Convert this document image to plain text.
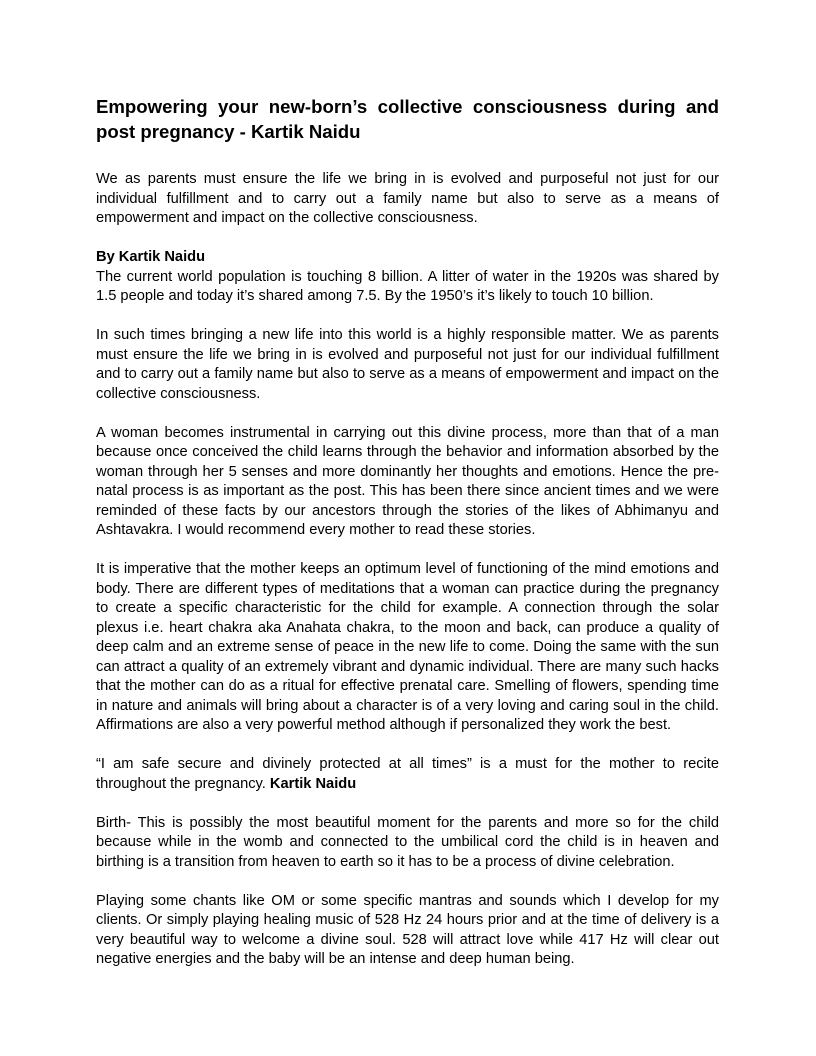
Empowering your new-born’s collective consciousness during and post pregnancy - Kartik Naidu

We as parents must ensure the life we bring in is evolved and purposeful not just for our individual fulfillment and to carry out a family name but also to serve as a means of empowerment and impact on the collective consciousness.

By Kartik Naidu
The current world population is touching 8 billion. A litter of water in the 1920s was shared by 1.5 people and today it’s shared among 7.5. By the 1950’s it’s likely to touch 10 billion.

In such times bringing a new life into this world is a highly responsible matter. We as parents must ensure the life we bring in is evolved and purposeful not just for our individual fulfillment and to carry out a family name but also to serve as a means of empowerment and impact on the collective consciousness.

A woman becomes instrumental in carrying out this divine process, more than that of a man because once conceived the child learns through the behavior and information absorbed by the woman through her 5 senses and more dominantly her thoughts and emotions. Hence the pre-natal process is as important as the post. This has been there since ancient times and we were reminded of these facts by our ancestors through the stories of the likes of Abhimanyu and Ashtavakra. I would recommend every mother to read these stories.

It is imperative that the mother keeps an optimum level of functioning of the mind emotions and body. There are different types of meditations that a woman can practice during the pregnancy to create a specific characteristic for the child for example. A connection through the solar plexus i.e. heart chakra aka Anahata chakra, to the moon and back, can produce a quality of deep calm and an extreme sense of peace in the new life to come. Doing the same with the sun can attract a quality of an extremely vibrant and dynamic individual. There are many such hacks that the mother can do as a ritual for effective prenatal care. Smelling of flowers, spending time in nature and animals will bring about a character is of a very loving and caring soul in the child. Affirmations are also a very powerful method although if personalized they work the best.

“I am safe secure and divinely protected at all times” is a must for the mother to recite throughout the pregnancy. Kartik Naidu

Birth- This is possibly the most beautiful moment for the parents and more so for the child because while in the womb and connected to the umbilical cord the child is in heaven and birthing is a transition from heaven to earth so it has to be a process of divine celebration.

Playing some chants like OM or some specific mantras and sounds which I develop for my clients. Or simply playing healing music of 528 Hz 24 hours prior and at the time of delivery is a very beautiful way to welcome a divine soul. 528 will attract love while 417 Hz will clear out negative energies and the baby will be an intense and deep human being.
